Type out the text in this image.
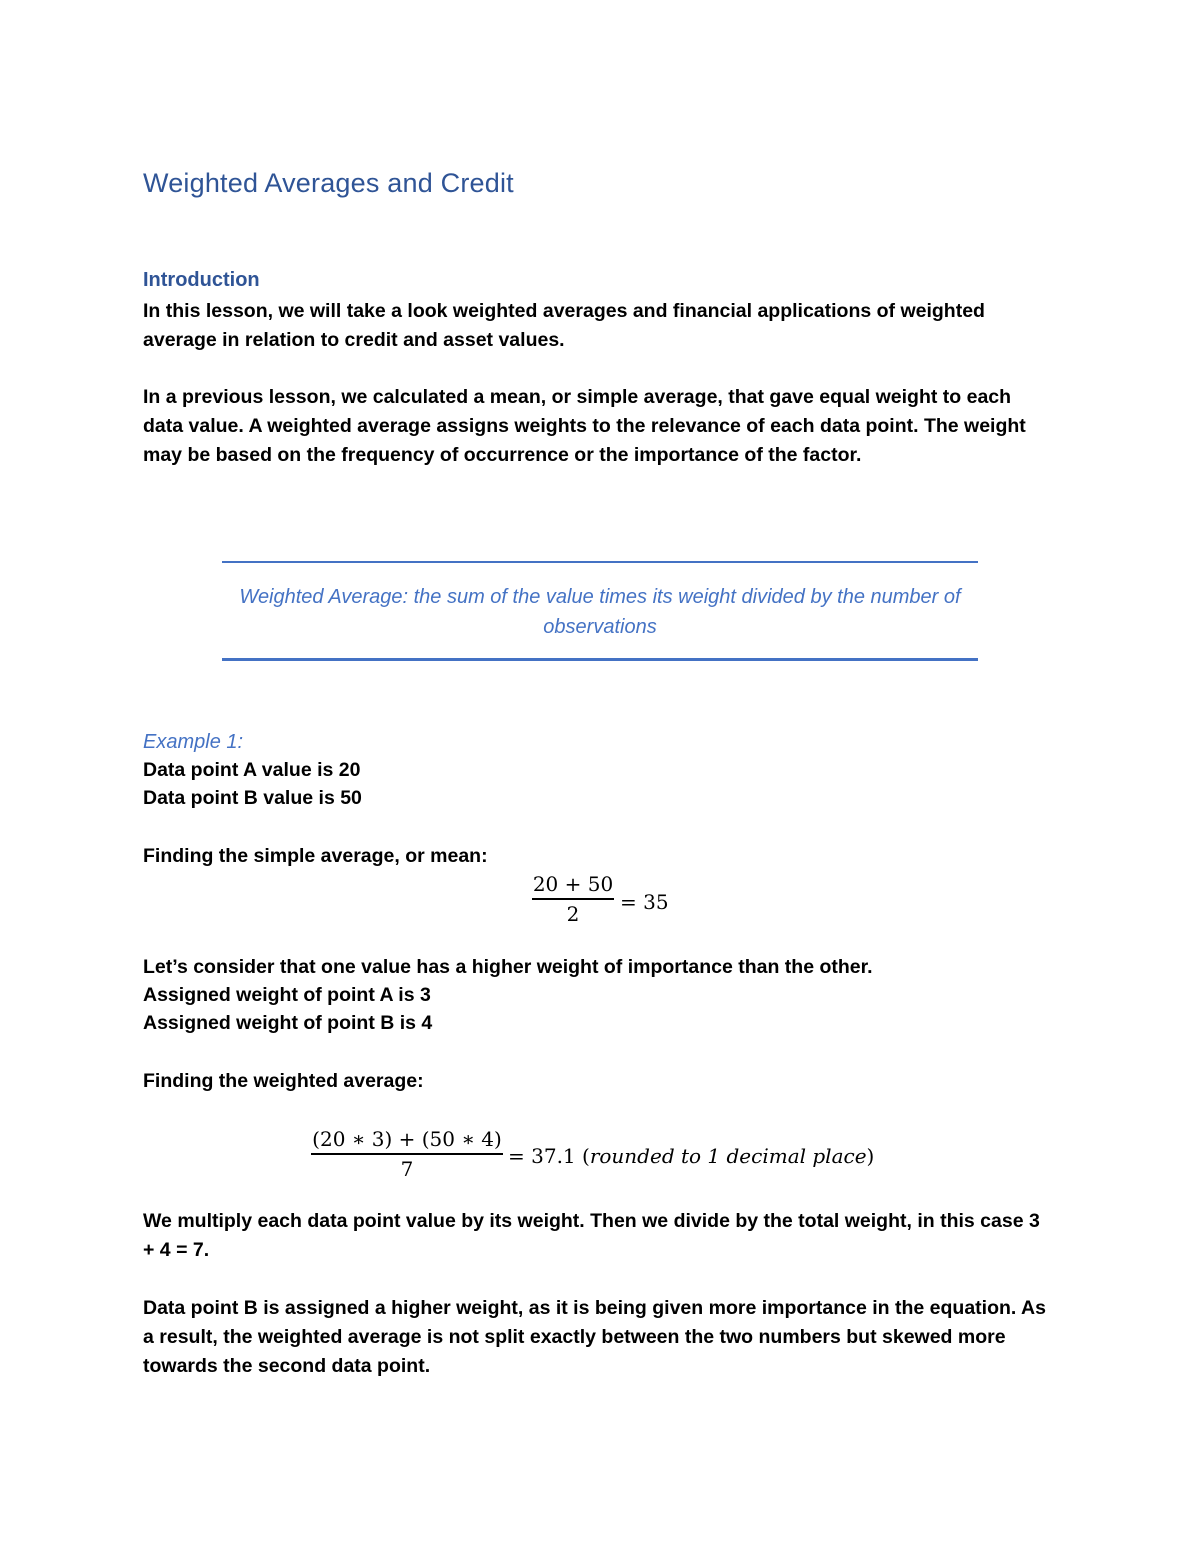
Weighted Averages and Credit
Introduction

In this lesson, we will take a look weighted averages and financial applications of weighted average in relation to credit and asset values.

In a previous lesson, we calculated a mean, or simple average, that gave equal weight to each data value. A weighted average assigns weights to the relevance of each data point. The weight may be based on the frequency of occurrence or the importance of the factor.

Weighted Average: the sum of the value times its weight divided by the number of observations

Example 1:

Data point A value is 20

Data point B value is 50

Finding the simple average, or mean:

20 + 50
2	= 35

Let’s consider that one value has a higher weight of importance than the other.

Assigned weight of point A is 3

Assigned weight of point B is 4

Finding the weighted average:

(20 ∗ 3) + (50 ∗ 4)
7
= 37.1 (rounded to 1 decimal place)

We multiply each data point value by its weight. Then we divide by the total weight, in this case 3 + 4 = 7.

Data point B is assigned a higher weight, as it is being given more importance in the equation. As a result, the weighted average is not split exactly between the two numbers but skewed more towards the second data point.
